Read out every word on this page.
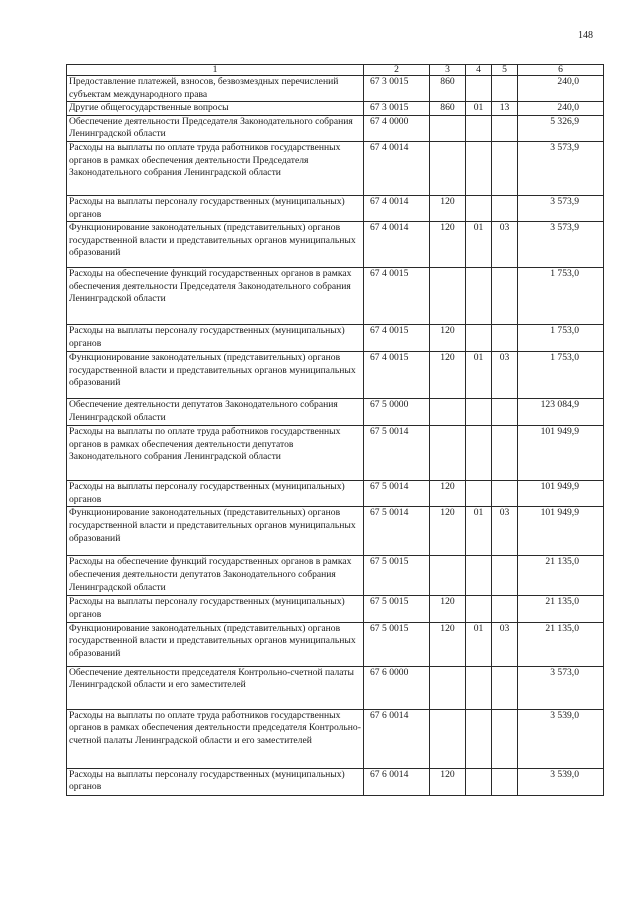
148
1	2	3	4	5	6
Предоставление платежей, взносов, безвозмездных перечислений субъектам международного права	67 3 0015	860			240,0
Другие общегосударственные вопросы	67 3 0015	860	01	13	240,0
Обеспечение деятельности Председателя Законодательного собрания Ленинградской области	67 4 0000				5 326,9
Расходы на выплаты по оплате труда работников государственных органов в рамках обеспечения деятельности Председателя Законодательного собрания Ленинградской области	67 4 0014				3 573,9
Расходы на выплаты персоналу государственных (муниципальных) органов	67 4 0014	120			3 573,9
Функционирование законодательных (представительных) органов государственной власти и представительных органов муниципальных образований	67 4 0014	120	01	03	3 573,9
Расходы на обеспечение функций государственных органов в рамках обеспечения деятельности Председателя Законодательного собрания Ленинградской области	67 4 0015				1 753,0
Расходы на выплаты персоналу государственных (муниципальных) органов	67 4 0015	120			1 753,0
Функционирование законодательных (представительных) органов государственной власти и представительных органов муниципальных образований	67 4 0015	120	01	03	1 753,0
Обеспечение деятельности депутатов Законодательного собрания Ленинградской области	67 5 0000				123 084,9
Расходы на выплаты по оплате труда работников государственных органов в рамках обеспечения деятельности депутатов Законодательного собрания Ленинградской области	67 5 0014				101 949,9
Расходы на выплаты персоналу государственных (муниципальных) органов	67 5 0014	120			101 949,9
Функционирование законодательных (представительных) органов государственной власти и представительных органов муниципальных образований	67 5 0014	120	01	03	101 949,9
Расходы на обеспечение функций государственных органов в рамках обеспечения деятельности депутатов Законодательного собрания Ленинградской области	67 5 0015				21 135,0
Расходы на выплаты персоналу государственных (муниципальных) органов	67 5 0015	120			21 135,0
Функционирование законодательных (представительных) органов государственной власти и представительных органов муниципальных образований	67 5 0015	120	01	03	21 135,0
Обеспечение деятельности председателя Контрольно-счетной палаты Ленинградской области и его заместителей	67 6 0000				3 573,0
Расходы на выплаты по оплате труда работников государственных органов в рамках обеспечения деятельности председателя Контрольно-счетной палаты Ленинградской области и его заместителей	67 6 0014				3 539,0
Расходы на выплаты персоналу государственных (муниципальных) органов	67 6 0014	120			3 539,0
